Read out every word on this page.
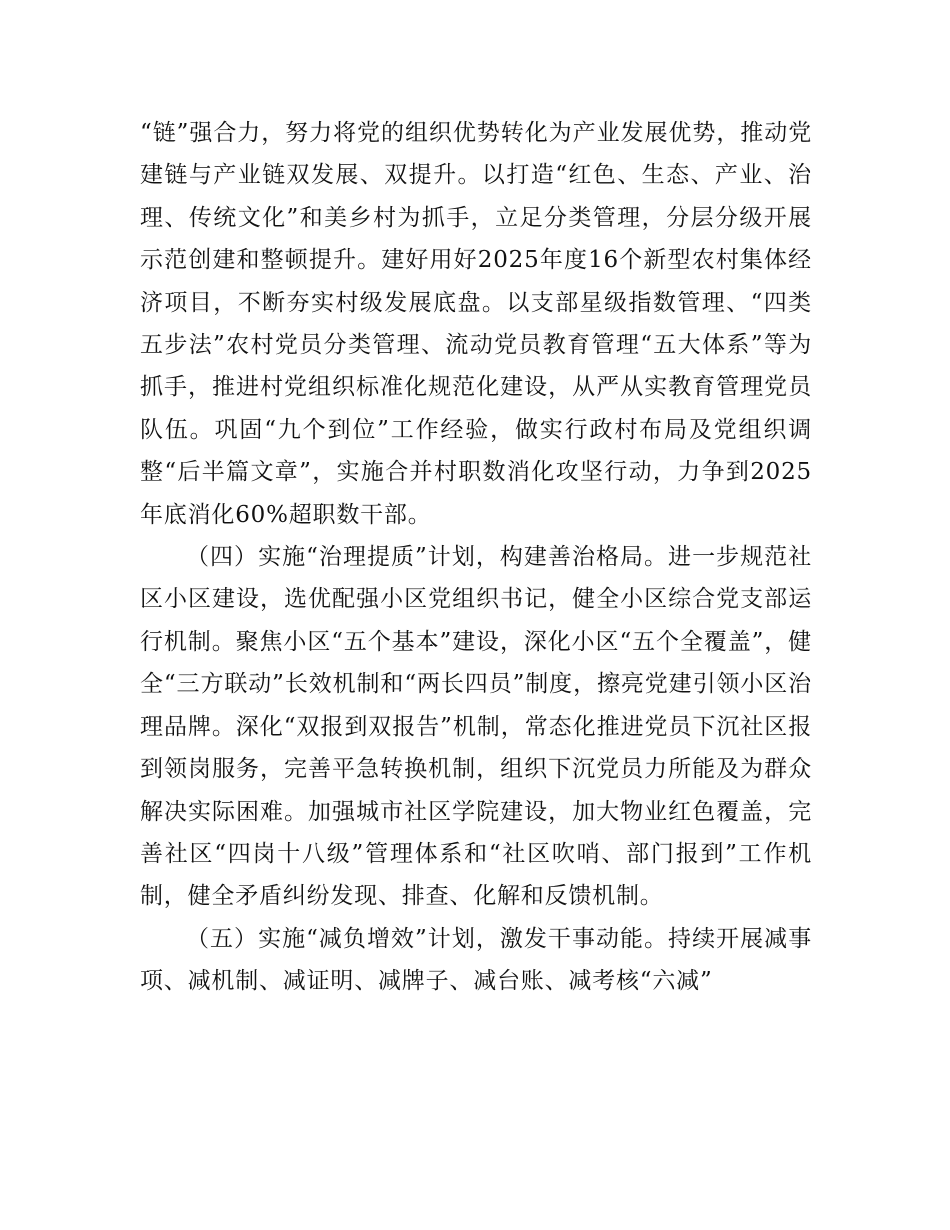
“链”强合力，努力将党的组织优势转化为产业发展优势，推动党建链与产业链双发展、双提升。以打造“红色、生态、产业、治理、传统文化”和美乡村为抓手，立足分类管理，分层分级开展示范创建和整顿提升。建好用好2025年度16个新型农村集体经济项目，不断夯实村级发展底盘。以支部星级指数管理、“四类五步法”农村党员分类管理、流动党员教育管理“五大体系”等为抓手，推进村党组织标准化规范化建设，从严从实教育管理党员队伍。巩固“九个到位”工作经验，做实行政村布局及党组织调整“后半篇文章”，实施合并村职数消化攻坚行动，力争到2025年底消化60%超职数干部。

（四）实施“治理提质”计划，构建善治格局。进一步规范社区小区建设，选优配强小区党组织书记，健全小区综合党支部运行机制。聚焦小区“五个基本”建设，深化小区“五个全覆盖”，健全“三方联动”长效机制和“两长四员”制度，擦亮党建引领小区治理品牌。深化“双报到双报告”机制，常态化推进党员下沉社区报到领岗服务，完善平急转换机制，组织下沉党员力所能及为群众解决实际困难。加强城市社区学院建设，加大物业红色覆盖，完善社区“四岗十八级”管理体系和“社区吹哨、部门报到”工作机制，健全矛盾纠纷发现、排查、化解和反馈机制。

（五）实施“减负增效”计划，激发干事动能。持续开展减事项、减机制、减证明、减牌子、减台账、减考核“六减”
